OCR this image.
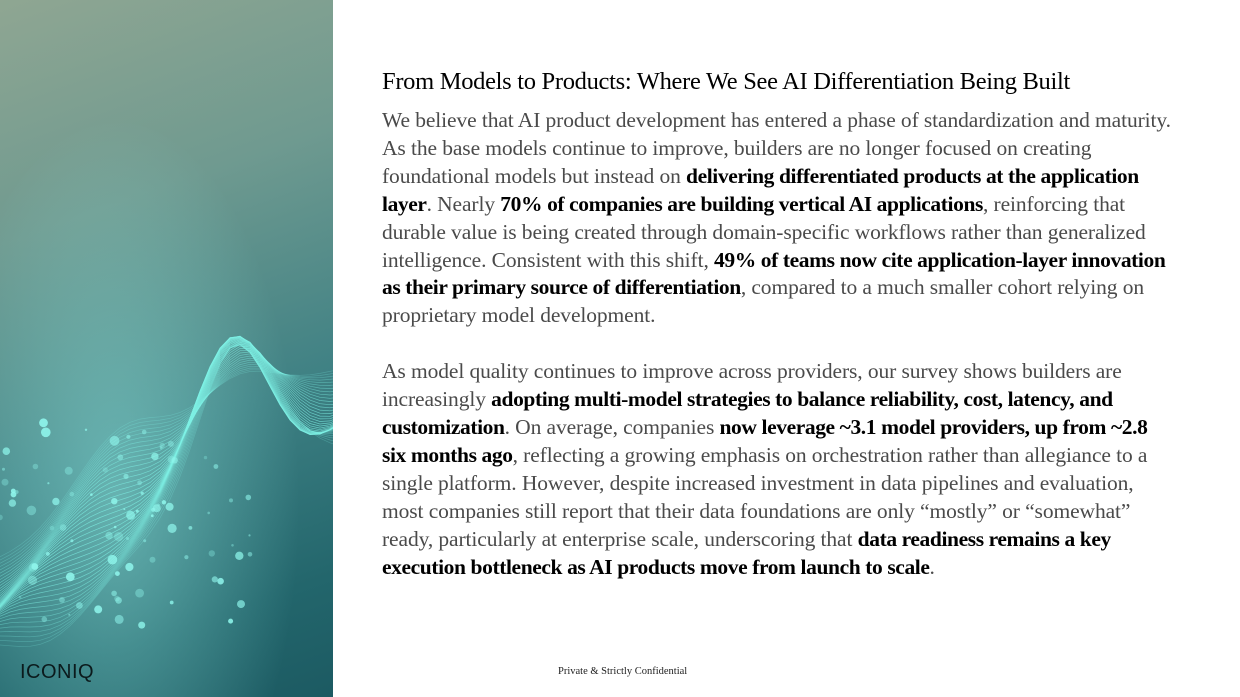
ICONIQ
From Models to Products: Where We See AI Differentiation Being Built

We believe that AI product development has entered a phase of standardization and maturity. As the base models continue to improve, builders are no longer focused on creating foundational models but instead on delivering differentiated products at the application layer. Nearly 70% of companies are building vertical AI applications, reinforcing that durable value is being created through domain-specific workflows rather than generalized intelligence. Consistent with this shift, 49% of teams now cite application-layer innovation as their primary source of differentiation, compared to a much smaller cohort relying on proprietary model development.

As model quality continues to improve across providers, our survey shows builders are increasingly adopting multi-model strategies to balance reliability, cost, latency, and customization. On average, companies now leverage ~3.1 model providers, up from ~2.8 six months ago, reflecting a growing emphasis on orchestration rather than allegiance to a single platform. However, despite increased investment in data pipelines and evaluation, most companies still report that their data foundations are only “mostly” or “somewhat” ready, particularly at enterprise scale, underscoring that data readiness remains a key execution bottleneck as AI products move from launch to scale.

Private & Strictly Confidential
